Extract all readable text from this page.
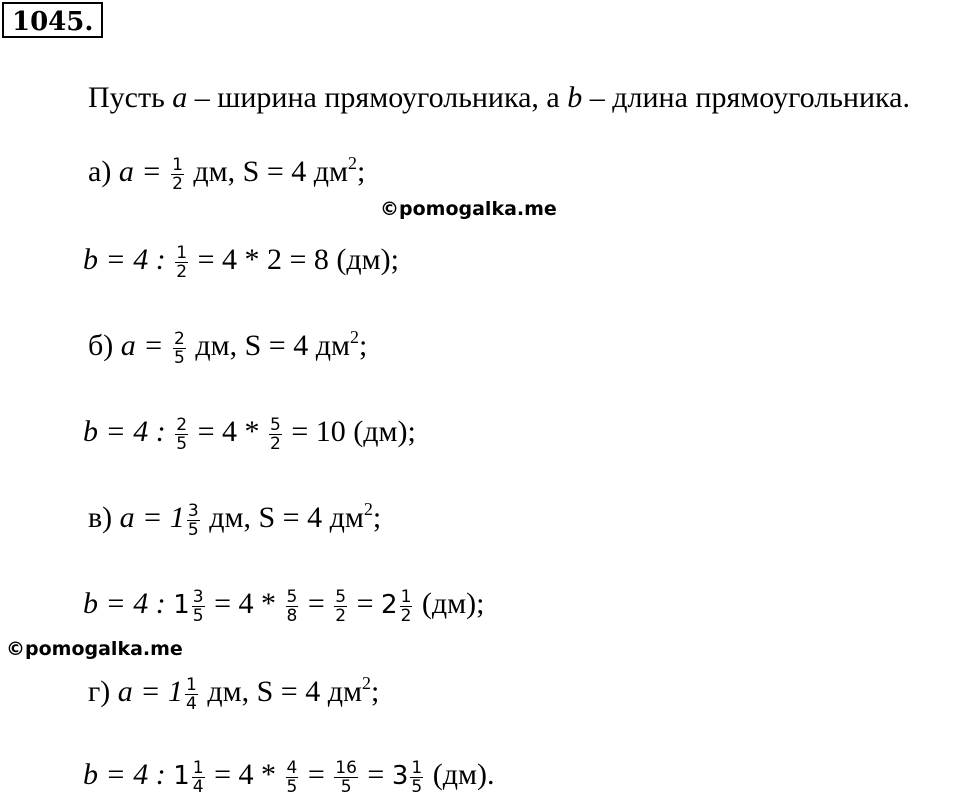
1045.
Пусть a – ширина прямоугольника, а b – длина прямоугольника.
а) $a = \frac{1}{2}$ дм, S = 4 $дм^2$;
©pomogalka.me
b = 4 : $\frac{1}{2} = 4 * 2 = 8$ (дм);
б) $a = \frac{2}{5}$ дм, S = 4 $дм^2$;
b = 4 : $\frac{2}{5} = 4 * \frac{5}{2} = 10$ (дм);
в) $a = 1 \frac{3}{5}$ дм, S = 4 $дм^2$;
b = 4 : $1 \frac{3}{5} = 4 * \frac{5}{8} = \frac{5}{2} = 2 \frac{1}{2} (дм)$;
©pomogalka.me
г) $a = 1 \frac{1}{4}$ дм, S = 4 $дм^2$;
b = 4 : $1 \frac{1}{4} = 4 * \frac{4}{5} = \frac{16}{5} = 3 \frac{1}{5} (дм)$.
